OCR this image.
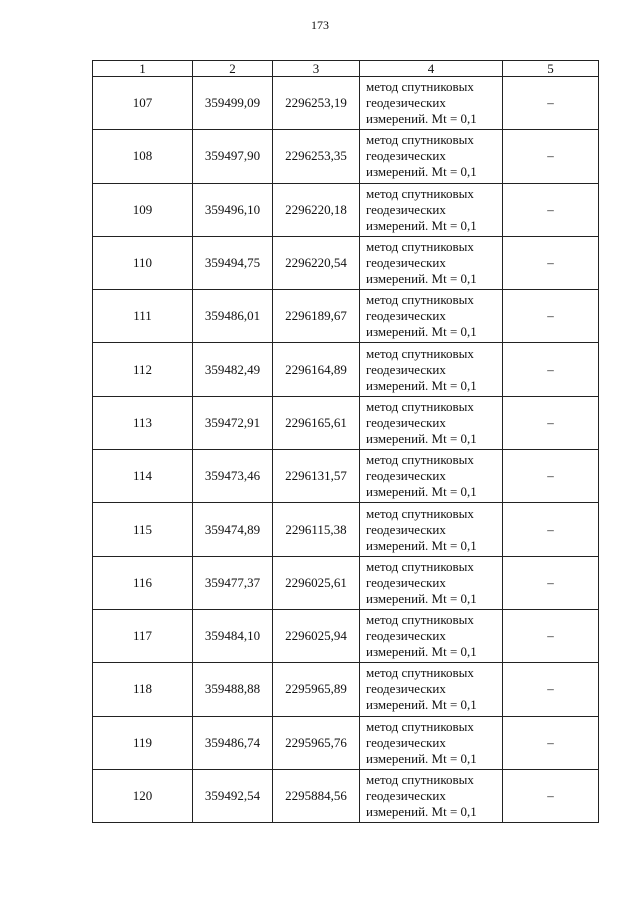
173
1	2	3	4	5
107	359499,09	2296253,19	метод спутниковых
геодезических
измерений. Mt = 0,1	–
108	359497,90	2296253,35	метод спутниковых
геодезических
измерений. Mt = 0,1	–
109	359496,10	2296220,18	метод спутниковых
геодезических
измерений. Mt = 0,1	–
110	359494,75	2296220,54	метод спутниковых
геодезических
измерений. Mt = 0,1	–
111	359486,01	2296189,67	метод спутниковых
геодезических
измерений. Mt = 0,1	–
112	359482,49	2296164,89	метод спутниковых
геодезических
измерений. Mt = 0,1	–
113	359472,91	2296165,61	метод спутниковых
геодезических
измерений. Mt = 0,1	–
114	359473,46	2296131,57	метод спутниковых
геодезических
измерений. Mt = 0,1	–
115	359474,89	2296115,38	метод спутниковых
геодезических
измерений. Mt = 0,1	–
116	359477,37	2296025,61	метод спутниковых
геодезических
измерений. Mt = 0,1	–
117	359484,10	2296025,94	метод спутниковых
геодезических
измерений. Mt = 0,1	–
118	359488,88	2295965,89	метод спутниковых
геодезических
измерений. Mt = 0,1	–
119	359486,74	2295965,76	метод спутниковых
геодезических
измерений. Mt = 0,1	–
120	359492,54	2295884,56	метод спутниковых
геодезических
измерений. Mt = 0,1	–
